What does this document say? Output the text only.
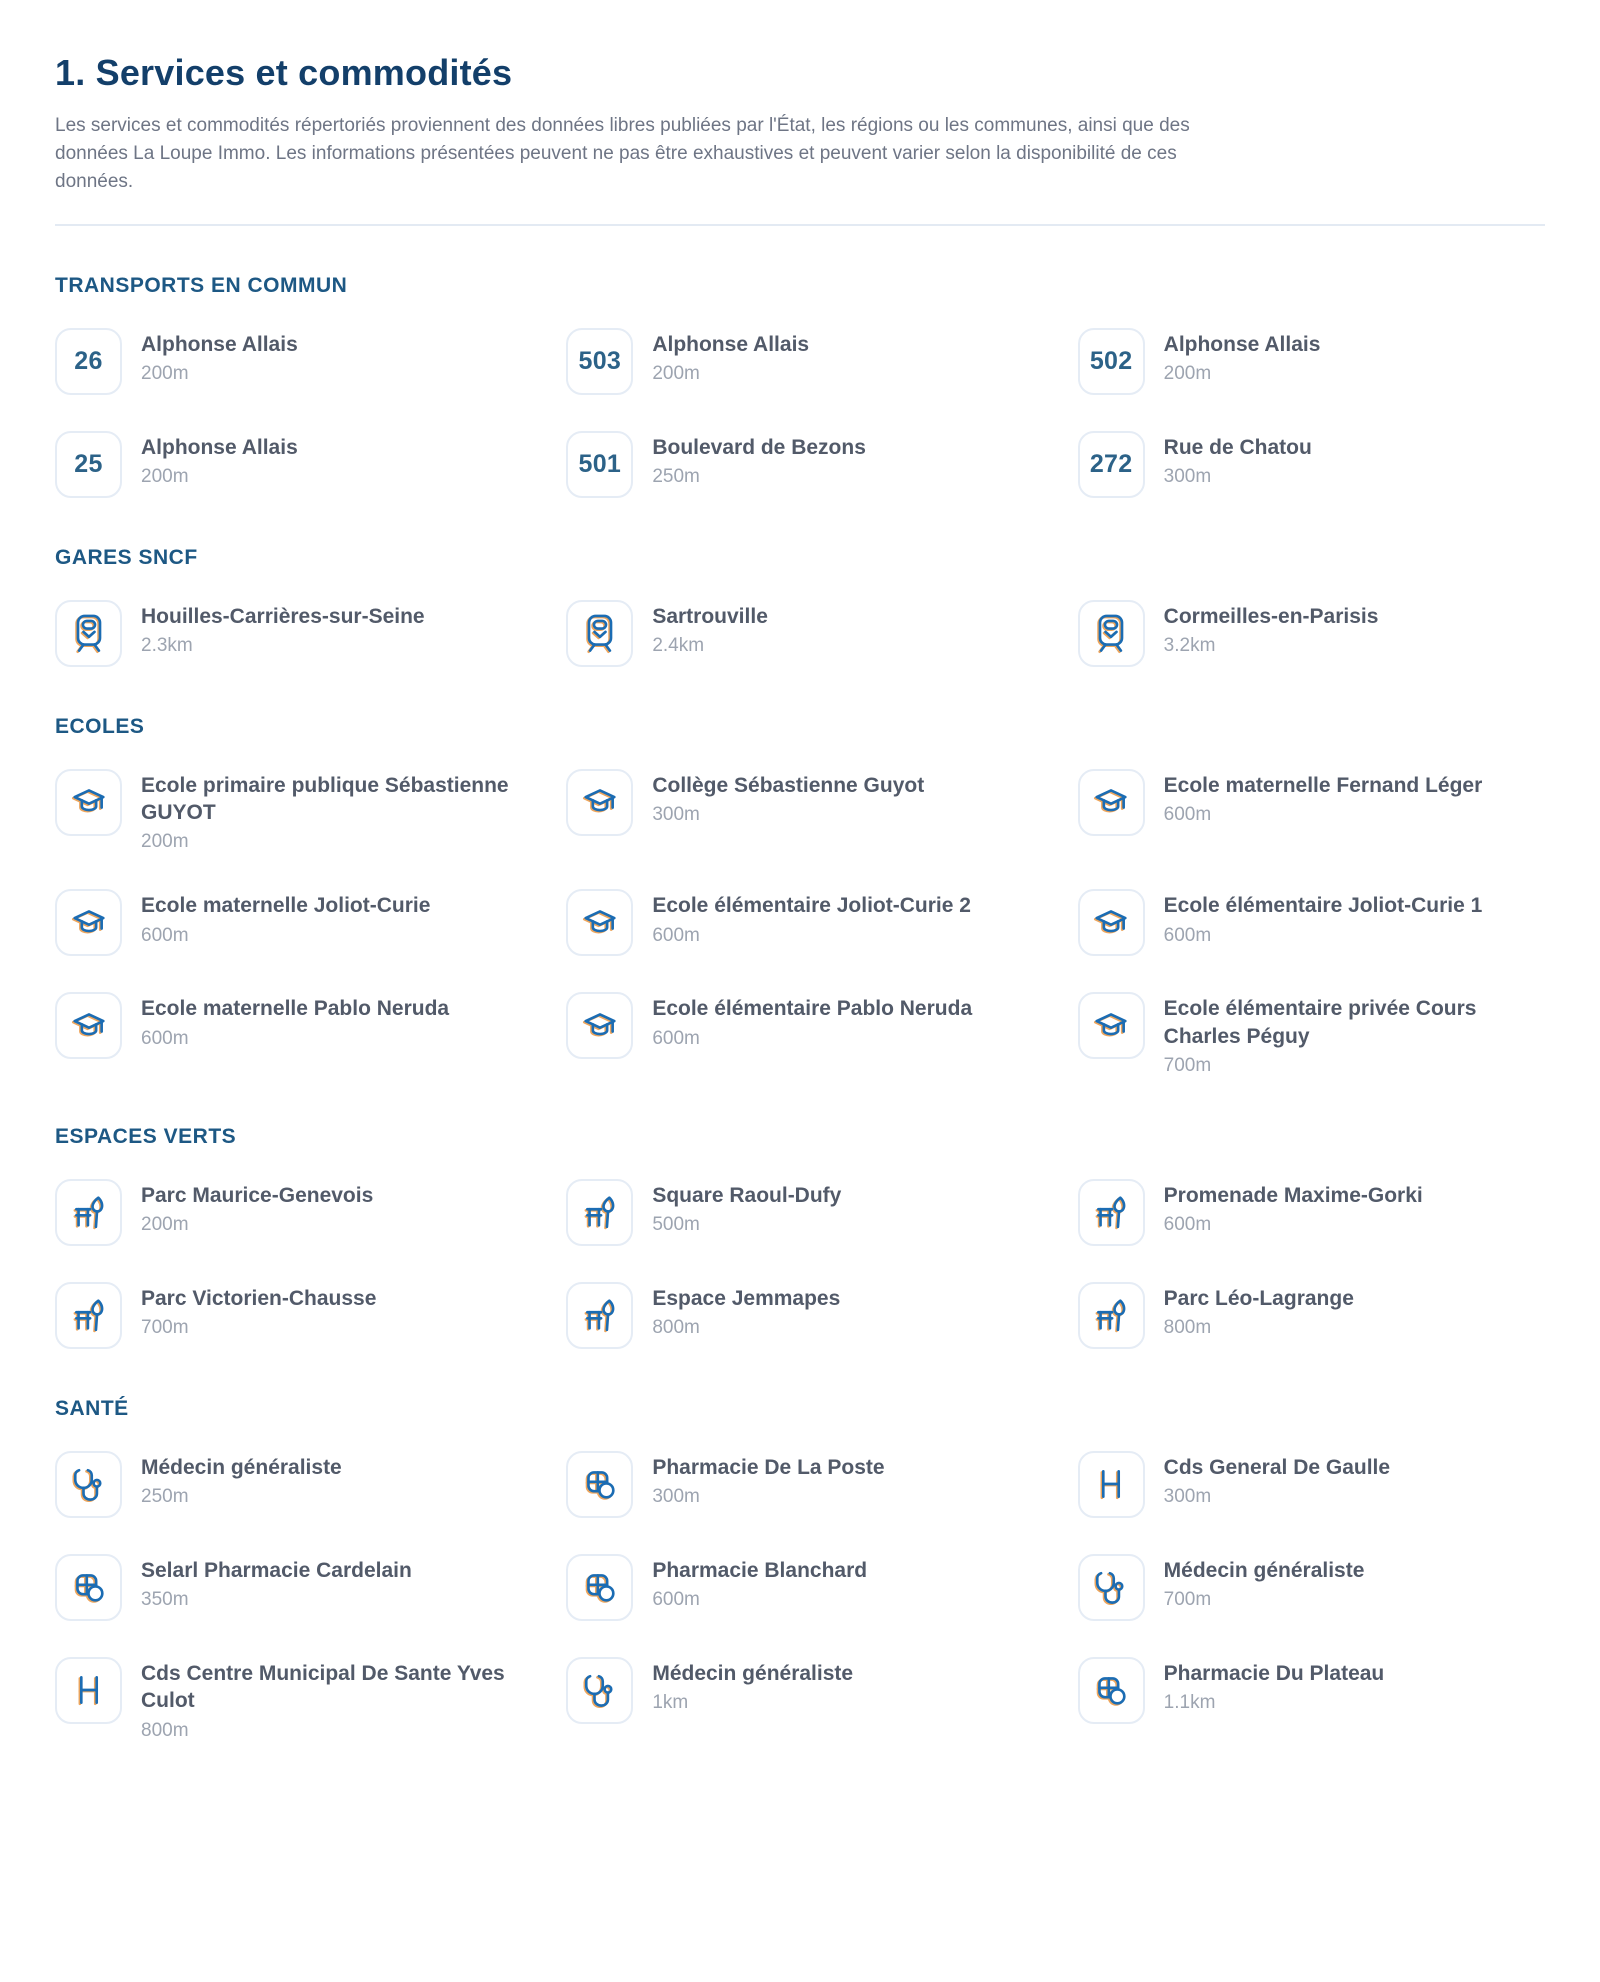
1. Services et commodités

Les services et commodités répertoriés proviennent des données libres publiées par l'État, les régions ou les communes, ainsi que des données La Loupe Immo. Les informations présentées peuvent ne pas être exhaustives et peuvent varier selon la disponibilité de ces données.

TRANSPORTS EN COMMUN
26
Alphonse Allais
200m	503
Alphonse Allais
200m	502
Alphonse Allais
200m
25
Alphonse Allais
200m	501
Boulevard de Bezons
250m	272
Rue de Chatou
300m
GARES SNCF
Houilles-Carrières-sur-Seine
2.3km
Sartrouville
2.4km
Cormeilles-en-Parisis
3.2km
ECOLES
Ecole primaire publique Sébastienne GUYOT
200m
Collège Sébastienne Guyot
300m
Ecole maternelle Fernand Léger
600m
Ecole maternelle Joliot-Curie
600m
Ecole élémentaire Joliot-Curie 2
600m
Ecole élémentaire Joliot-Curie 1
600m
Ecole maternelle Pablo Neruda
600m
Ecole élémentaire Pablo Neruda
600m
Ecole élémentaire privée Cours Charles Péguy
700m
ESPACES VERTS
Parc Maurice-Genevois
200m
Square Raoul-Dufy
500m
Promenade Maxime-Gorki
600m
Parc Victorien-Chausse
700m
Espace Jemmapes
800m
Parc Léo-Lagrange
800m
SANTÉ
Médecin généraliste
250m
Pharmacie De La Poste
300m
Cds General De Gaulle
300m
Selarl Pharmacie Cardelain
350m
Pharmacie Blanchard
600m
Médecin généraliste
700m
Cds Centre Municipal De Sante Yves Culot
800m
Médecin généraliste
1km
Pharmacie Du Plateau
1.1km
